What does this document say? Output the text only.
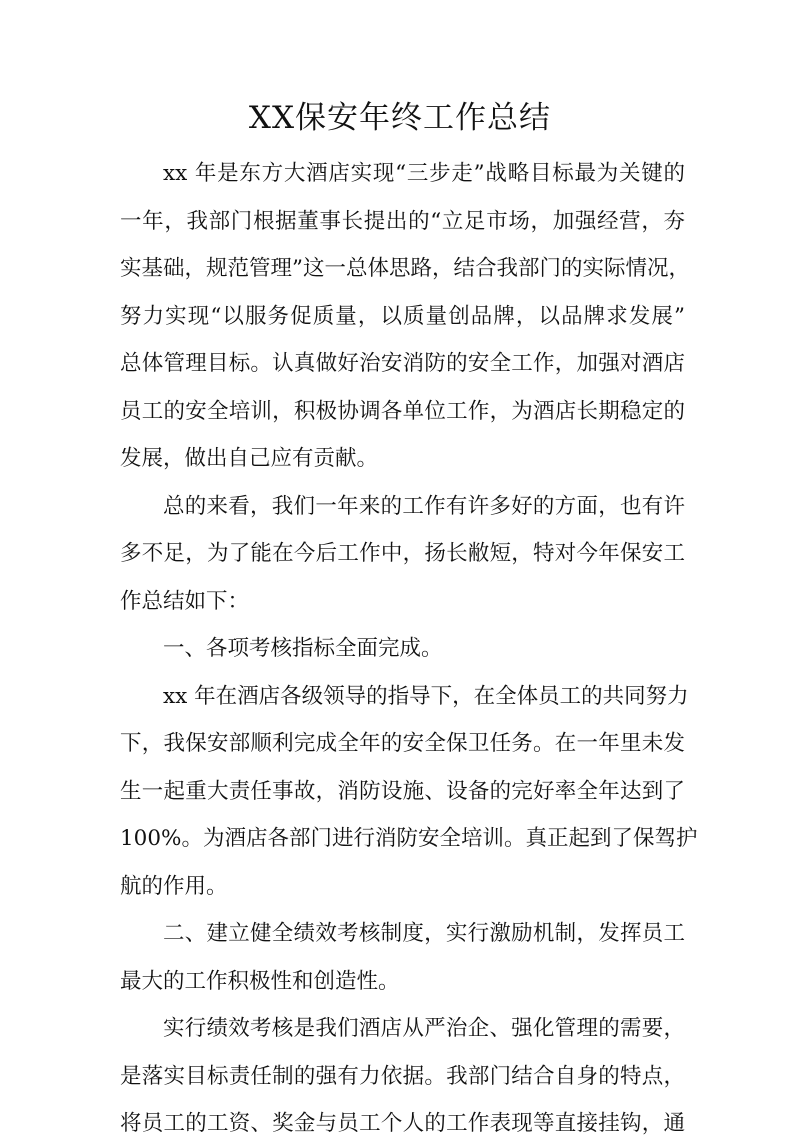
XX保安年终工作总结
xx 年是东方大酒店实现“三步走”战略目标最为关键的
一年，我部门根据董事长提出的“立足市场，加强经营，夯
实基础，规范管理”这一总体思路，结合我部门的实际情况，
努力实现“以服务促质量，以质量创品牌，以品牌求发展”
总体管理目标。认真做好治安消防的安全工作，加强对酒店
员工的安全培训，积极协调各单位工作，为酒店长期稳定的
发展，做出自己应有贡献。
总的来看，我们一年来的工作有许多好的方面，也有许
多不足，为了能在今后工作中，扬长敝短，特对今年保安工
作总结如下：
一、各项考核指标全面完成。
xx 年在酒店各级领导的指导下，在全体员工的共同努力
下，我保安部顺利完成全年的安全保卫任务。在一年里未发
生一起重大责任事故，消防设施、设备的完好率全年达到了
100%。为酒店各部门进行消防安全培训。真正起到了保驾护
航的作用。
二、建立健全绩效考核制度，实行激励机制，发挥员工
最大的工作积极性和创造性。
实行绩效考核是我们酒店从严治企、强化管理的需要，
是落实目标责任制的强有力依据。我部门结合自身的特点，
将员工的工资、奖金与员工个人的工作表现等直接挂钩，通
